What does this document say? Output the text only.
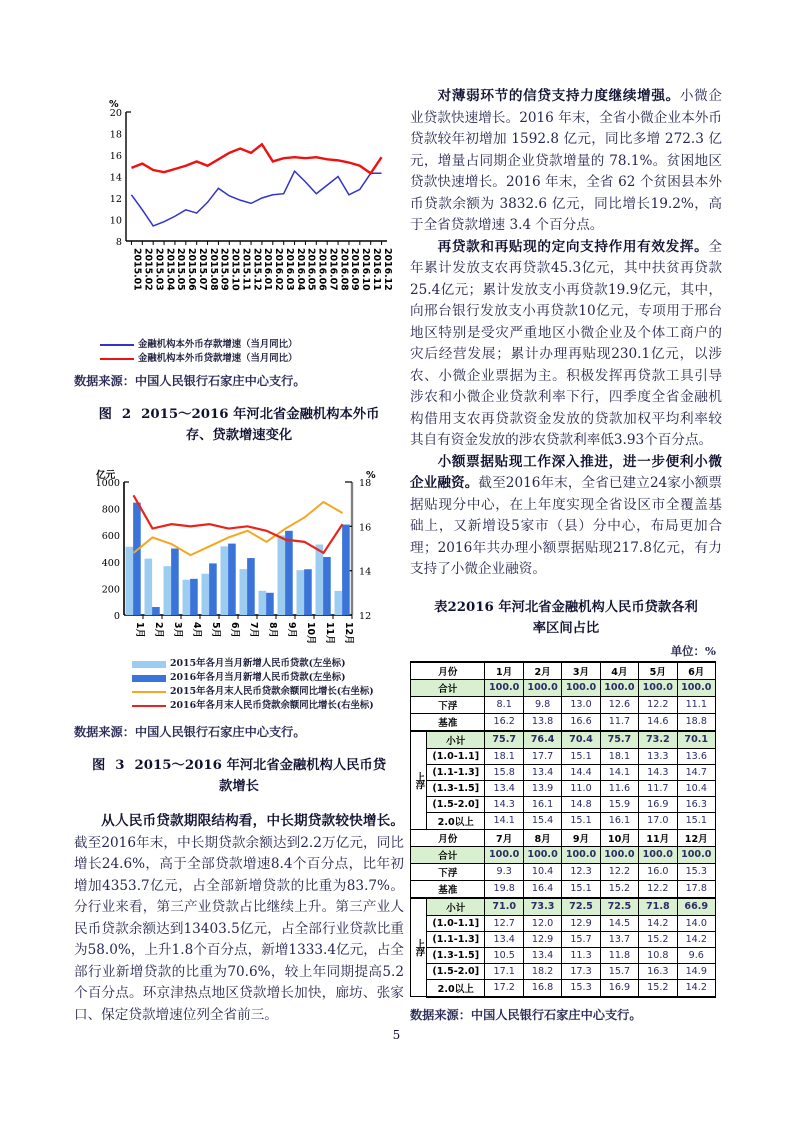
%
20
18
16
14
12
10
8
2015.01 2015.02 2015.03 2015.04 2015.05 2015.06 2015.07 2015.08 2015.09 2015.10 2015.11 2015.12 2016.01 2016.02 2016.03 2016.04 2016.05 2016.06 2016.07 2016.08 2016.09 2016.10 2016.11 2016.12
金融机构本外币存款增速（当月同比）
金融机构本外币贷款增速（当月同比）
数据来源：中国人民银行石家庄中心支行。
图 2 2015～2016 年河北省金融机构本外币
存、贷款增速变化
亿元	%
1000
800
600
400
200
0
18
16
14
12
1月 2月 3月 4月 5月 6月 7月 8月 9月 10月 11月 12月
2015年各月当月新增人民币贷款(左坐标)
2016年各月当月新增人民币贷款(左坐标)
2015年各月末人民币贷款余额同比增长(右坐标)
2016年各月末人民币贷款余额同比增长(右坐标)
数据来源：中国人民银行石家庄中心支行。
图 3 2015～2016 年河北省金融机构人民币贷
款增长

从人民币贷款期限结构看，中长期贷款较快增长。截至2016年末，中长期贷款余额达到2.2万亿元，同比增长24.6%，高于全部贷款增速8.4个百分点，比年初增加4353.7亿元，占全部新增贷款的比重为83.7%。分行业来看，第三产业贷款占比继续上升。第三产业人民币贷款余额达到13403.5亿元，占全部行业贷款比重为58.0%，上升1.8个百分点，新增1333.4亿元，占全部行业新增贷款的比重为70.6%，较上年同期提高5.2个百分点。环京津热点地区贷款增长加快，廊坊、张家口、保定贷款增速位列全省前三。

对薄弱环节的信贷支持力度继续增强。小微企业贷款快速增长。2016 年末，全省小微企业本外币贷款较年初增加 1592.8 亿元，同比多增 272.3 亿元，增量占同期企业贷款增量的 78.1%。贫困地区贷款快速增长。2016 年末，全省 62 个贫困县本外币贷款余额为 3832.6 亿元，同比增长19.2%，高于全省贷款增速 3.4 个百分点。

再贷款和再贴现的定向支持作用有效发挥。全年累计发放支农再贷款45.3亿元，其中扶贫再贷款25.4亿元；累计发放支小再贷款19.9亿元，其中，向邢台银行发放支小再贷款10亿元，专项用于邢台地区特别是受灾严重地区小微企业及个体工商户的灾后经营发展；累计办理再贴现230.1亿元，以涉农、小微企业票据为主。积极发挥再贷款工具引导涉农和小微企业贷款利率下行，四季度全省金融机构借用支农再贷款资金发放的贷款加权平均利率较其自有资金发放的涉农贷款利率低3.93个百分点。

小额票据贴现工作深入推进，进一步便利小微企业融资。截至2016年末，全省已建立24家小额票据贴现分中心，在上年度实现全省设区市全覆盖基础上，又新增设5家市（县）分中心，布局更加合理；2016年共办理小额票据贴现217.8亿元，有力支持了小微企业融资。

表22016 年河北省金融机构人民币贷款各利
率区间占比
单位：%
月份		1月	2月	3月	4月	5月	6月
合计		100.0	100.0	100.0	100.0	100.0	100.0
下浮		8.1	9.8	13.0	12.6	12.2	11.1
基准		16.2	13.8	16.6	11.7	14.6	18.8
上浮	小计	75.7	76.4	70.4	75.7	73.2	70.1
	(1.0-1.1]	18.1	17.7	15.1	18.1	13.3	13.6
	(1.1-1.3]	15.8	13.4	14.4	14.1	14.3	14.7
	(1.3-1.5]	13.4	13.9	11.0	11.6	11.7	10.4
	(1.5-2.0]	14.3	16.1	14.8	15.9	16.9	16.3
	2.0以上	14.1	15.4	15.1	16.1	17.0	15.1
月份		7月	8月	9月	10月	11月	12月
合计		100.0	100.0	100.0	100.0	100.0	100.0
下浮		9.3	10.4	12.3	12.2	16.0	15.3
基准		19.8	16.4	15.1	15.2	12.2	17.8
上浮	小计	71.0	73.3	72.5	72.5	71.8	66.9
	(1.0-1.1]	12.7	12.0	12.9	14.5	14.2	14.0
	(1.1-1.3]	13.4	12.9	15.7	13.7	15.2	14.2
	(1.3-1.5]	10.5	13.4	11.3	11.8	10.8	9.6
	(1.5-2.0]	17.1	18.2	17.3	15.7	16.3	14.9
	2.0以上	17.2	16.8	15.3	16.9	15.2	14.2
数据来源：中国人民银行石家庄中心支行。
5
